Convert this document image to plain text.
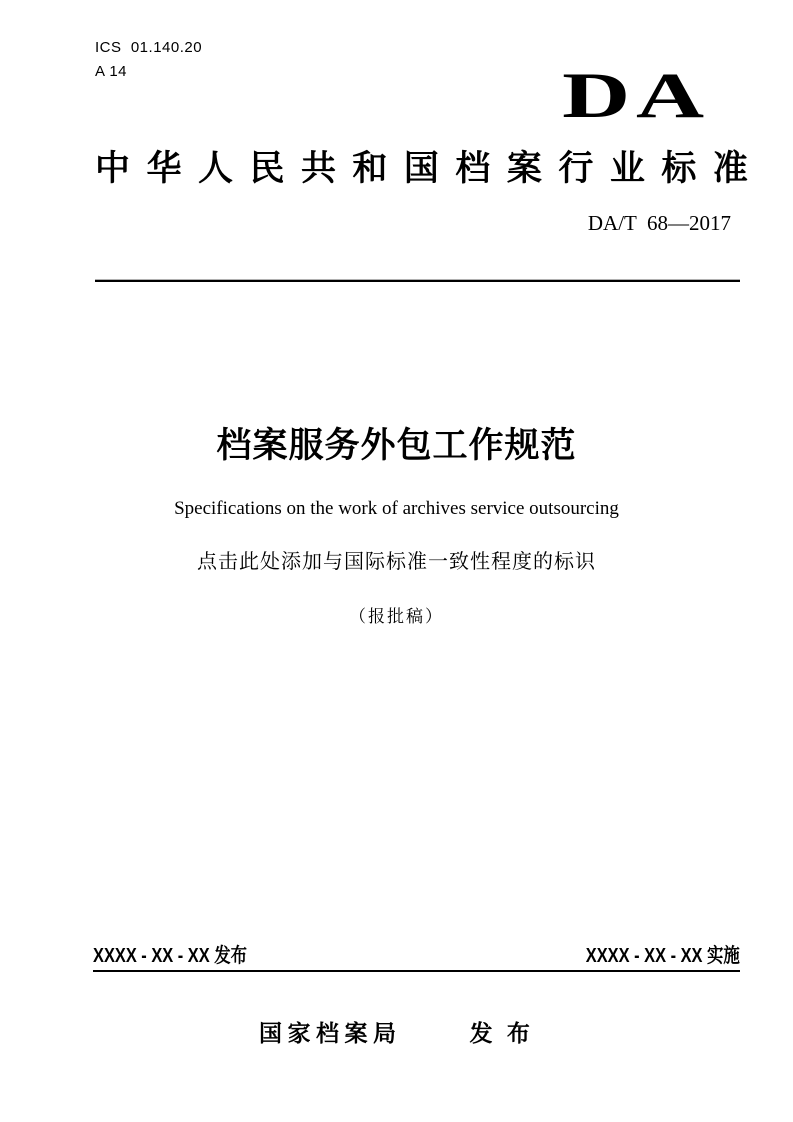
ICS  01.140.20
A 14	DA
中 华 人 民 共 和 国 档 案 行 业 标 准
DA/T  68—2017
档案服务外包工作规范
Specifications on the work of archives service outsourcing
点击此处添加与国际标准一致性程度的标识
（报批稿）
XXXX - XX - XX 发布	XXXX - XX - XX 实施
国家档案局	发 布
